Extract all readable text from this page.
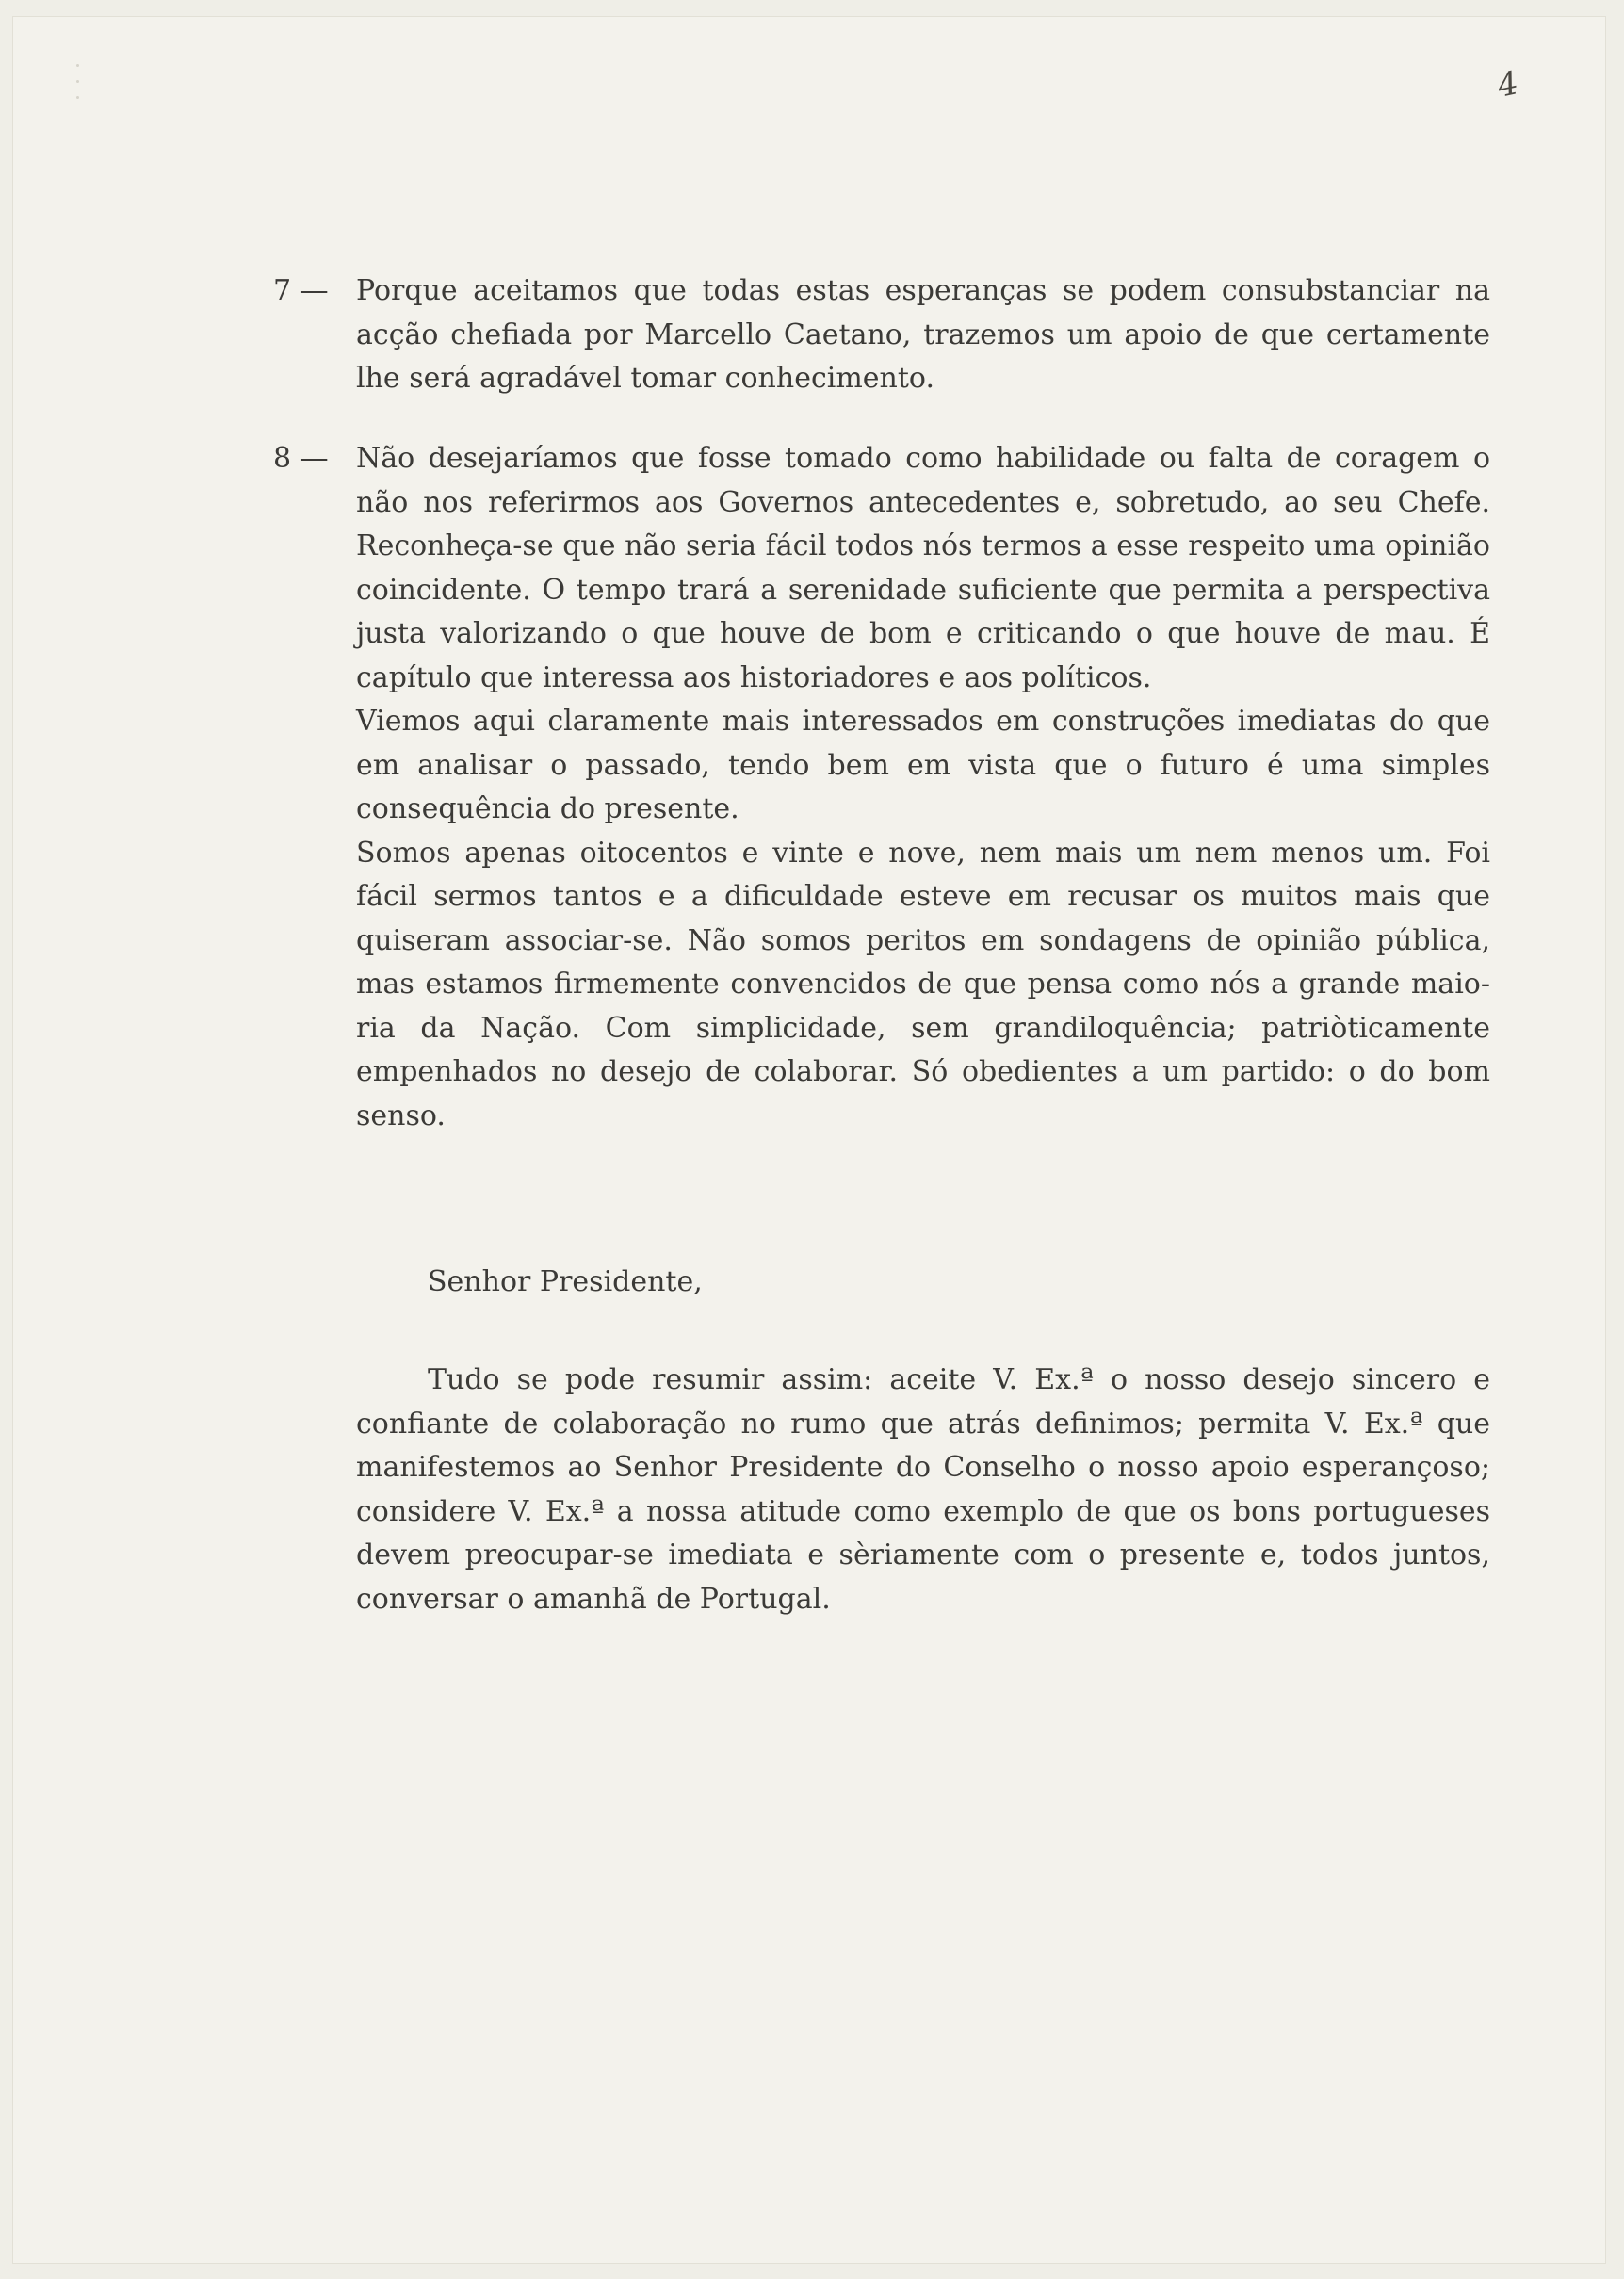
4
7 — Porque aceitamos que todas estas esperanças se podem consubstanciar na acção chefiada por Marcello Caetano, trazemos um apoio de que certamente lhe será agradável tomar conhecimento.

8 — Não desejaríamos que fosse tomado como habilidade ou falta de coragem o não nos referirmos aos Governos antecedentes e, sobretudo, ao seu Chefe. Reconheça-se que não seria fácil todos nós termos a esse respeito uma opinião coincidente. O tempo trará a serenidade suficiente que permita a perspectiva justa valorizando o que houve de bom e criticando o que houve de mau. É capítulo que interessa aos historiadores e aos políticos.

Viemos aqui claramente mais interessados em construções imediatas do que em analisar o passado, tendo bem em vista que o futuro é uma simples consequência do presente.

Somos apenas oitocentos e vinte e nove, nem mais um nem menos um. Foi fácil sermos tantos e a dificuldade esteve em recusar os muitos mais que quiseram associar-se. Não somos peritos em sondagens de opinião pública, mas estamos firmemente convencidos de que pensa como nós a grande maioria da Nação. Com simplicidade, sem grandiloquência; patriòticamente empenhados no desejo de colaborar. Só obedientes a um partido: o do bom senso.

Senhor Presidente,

Tudo se pode resumir assim: aceite V. Ex.ª o nosso desejo sincero e confiante de colaboração no rumo que atrás definimos; permita V. Ex.ª que manifestemos ao Senhor Presidente do Conselho o nosso apoio esperançoso; considere V. Ex.ª a nossa atitude como exemplo de que os bons portugueses devem preocupar-se imediata e sèriamente com o presente e, todos juntos, conversar o amanhã de Portugal.
